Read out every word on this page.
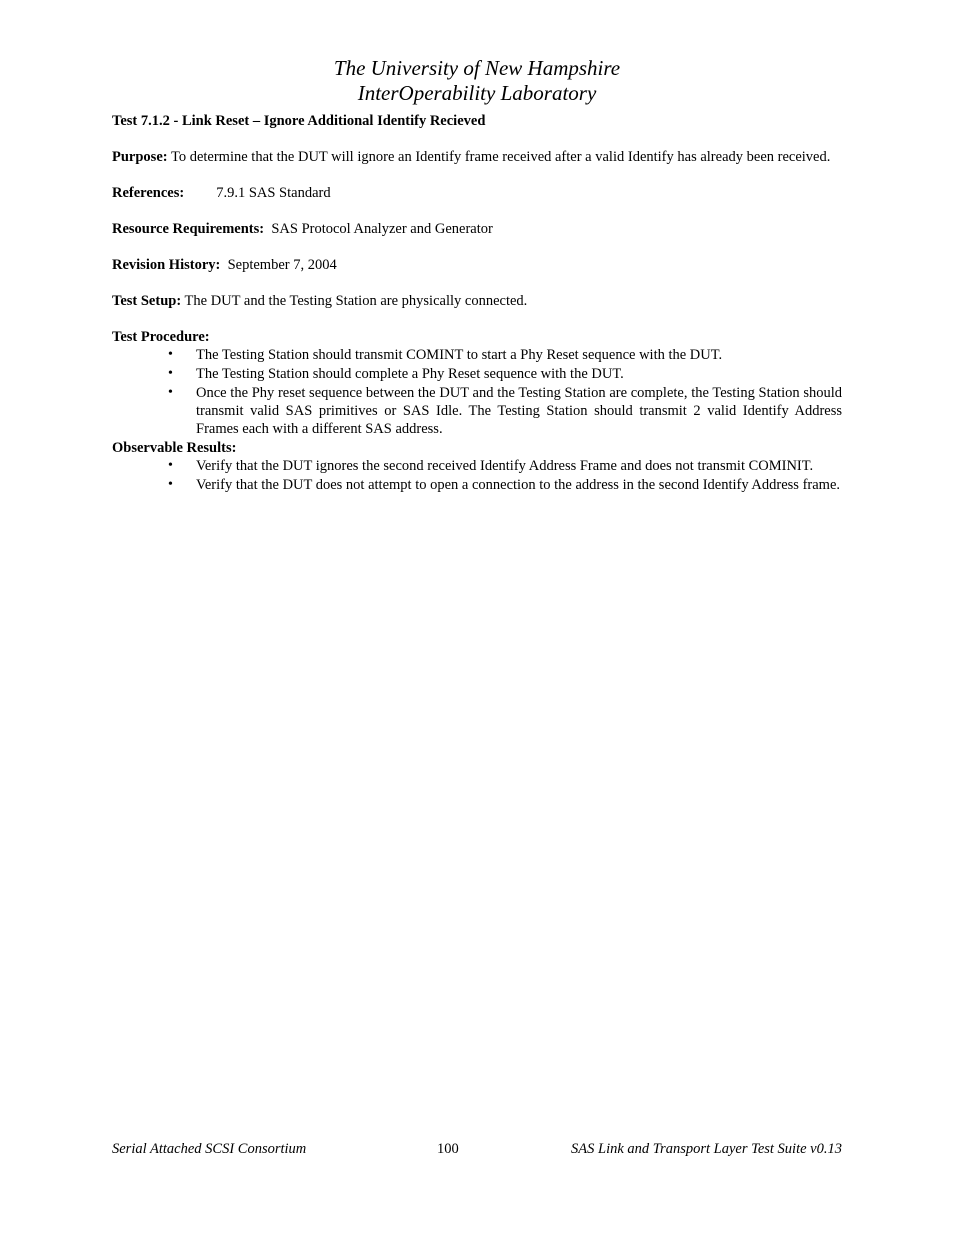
The University of New Hampshire
InterOperability Laboratory

Test 7.1.2 - Link Reset – Ignore Additional Identify Recieved

Purpose: To determine that the DUT will ignore an Identify frame received after a valid Identify has already been received.

References: 7.9.1 SAS Standard

Resource Requirements: SAS Protocol Analyzer and Generator

Revision History: September 7, 2004

Test Setup: The DUT and the Testing Station are physically connected.

Test Procedure:

• The Testing Station should transmit COMINT to start a Phy Reset sequence with the DUT.
• The Testing Station should complete a Phy Reset sequence with the DUT.
• Once the Phy reset sequence between the DUT and the Testing Station are complete, the Testing Station should transmit valid SAS primitives or SAS Idle. The Testing Station should transmit 2 valid Identify Address Frames each with a different SAS address.

Observable Results:

• Verify that the DUT ignores the second received Identify Address Frame and does not transmit COMINIT.
• Verify that the DUT does not attempt to open a connection to the address in the second Identify Address frame.
Serial Attached SCSI Consortium	100	SAS Link and Transport Layer Test Suite v0.13
